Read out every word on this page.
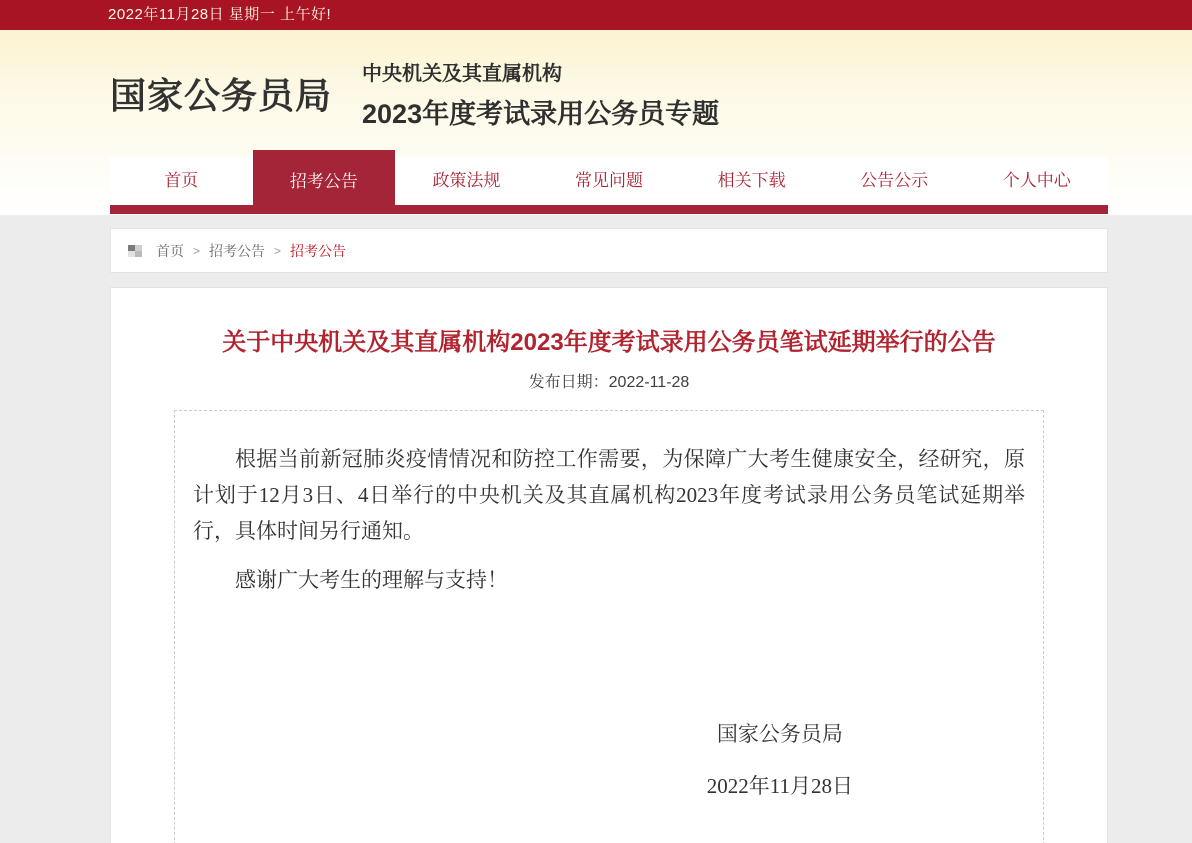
2022年11月28日 星期一 上午好!
国家公务员局
中央机关及其直属机构
2023年度考试录用公务员专题
首页	招考公告	政策法规	常见问题	相关下载	公告公示	个人中心
首页 > 招考公告 > 招考公告
关于中央机关及其直属机构2023年度考试录用公务员笔试延期举行的公告
发布日期：2022-11-28

根据当前新冠肺炎疫情情况和防控工作需要，为保障广大考生健康安全，经研究，原计划于12月3日、4日举行的中央机关及其直属机构2023年度考试录用公务员笔试延期举行，具体时间另行通知。

感谢广大考生的理解与支持！

国家公务员局
2022年11月28日
